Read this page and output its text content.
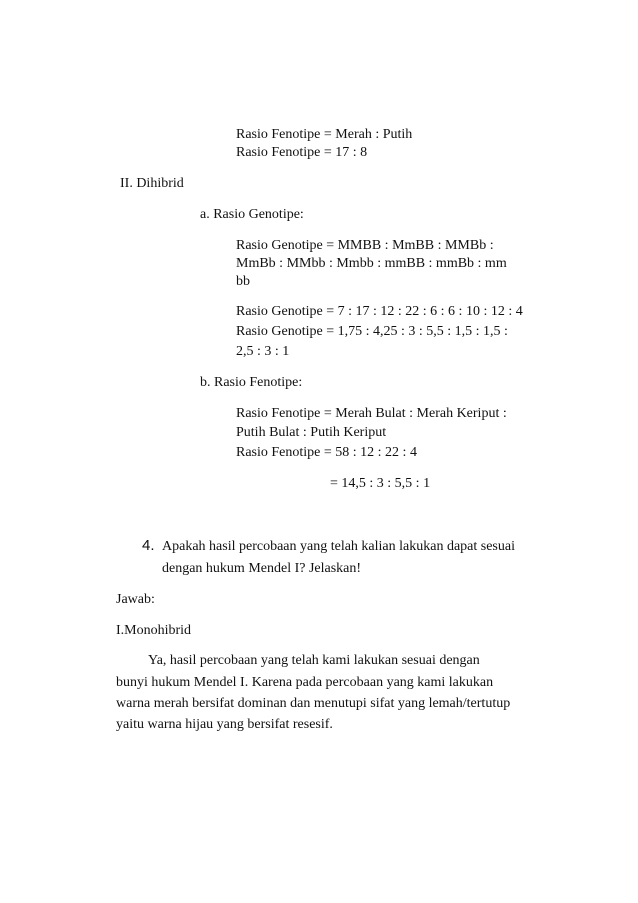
Rasio Fenotipe = Merah : Putih
Rasio Fenotipe = 17 : 8
II. Dihibrid
a. Rasio Genotipe:
Rasio Genotipe = MMBB : MmBB : MMBb :
MmBb : MMbb : Mmbb : mmBB : mmBb : mm
bb
Rasio Genotipe = 7 : 17 : 12 : 22 : 6 : 6 : 10 : 12 : 4
Rasio Genotipe = 1,75 : 4,25 : 3 : 5,5 : 1,5 : 1,5 :
2,5 : 3 : 1
b. Rasio Fenotipe:
Rasio Fenotipe = Merah Bulat : Merah Keriput :
Putih Bulat : Putih Keriput
Rasio Fenotipe = 58 : 12 : 22 : 4
= 14,5 : 3 : 5,5 : 1
4. Apakah hasil percobaan yang telah kalian lakukan dapat sesuai
dengan hukum Mendel I? Jelaskan!
Jawab:
I.Monohibrid
Ya, hasil percobaan yang telah kami lakukan sesuai dengan
bunyi hukum Mendel I. Karena pada percobaan yang kami lakukan
warna merah bersifat dominan dan menutupi sifat yang lemah/tertutup
yaitu warna hijau yang bersifat resesif.
